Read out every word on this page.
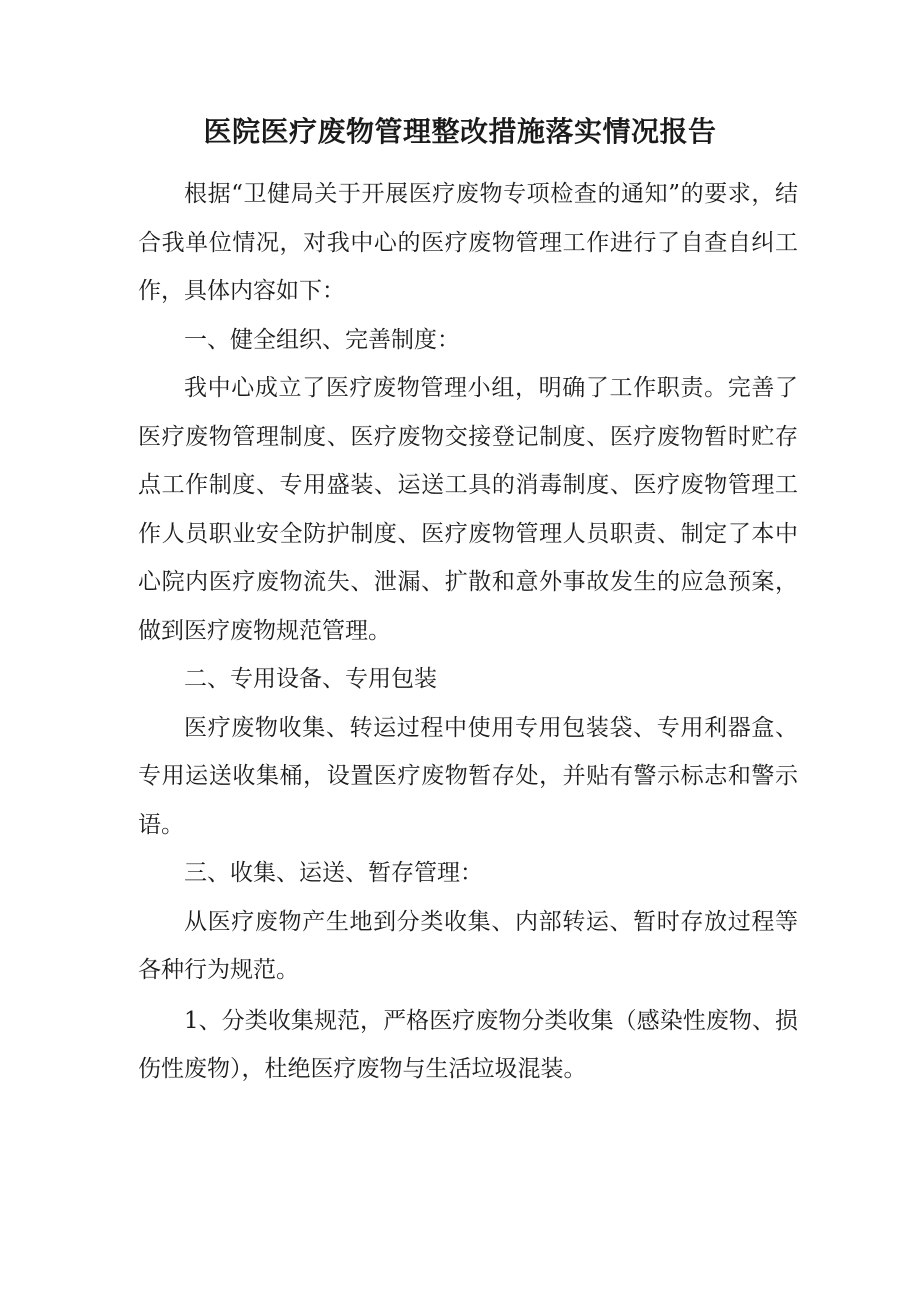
医院医疗废物管理整改措施落实情况报告

根据“卫健局关于开展医疗废物专项检查的通知”的要求，结合我单位情况，对我中心的医疗废物管理工作进行了自查自纠工作，具体内容如下：

一、健全组织、完善制度：

我中心成立了医疗废物管理小组，明确了工作职责。完善了医疗废物管理制度、医疗废物交接登记制度、医疗废物暂时贮存点工作制度、专用盛装、运送工具的消毒制度、医疗废物管理工作人员职业安全防护制度、医疗废物管理人员职责、制定了本中心院内医疗废物流失、泄漏、扩散和意外事故发生的应急预案，做到医疗废物规范管理。

二、专用设备、专用包装

医疗废物收集、转运过程中使用专用包装袋、专用利器盒、专用运送收集桶，设置医疗废物暂存处，并贴有警示标志和警示语。

三、收集、运送、暂存管理：

从医疗废物产生地到分类收集、内部转运、暂时存放过程等各种行为规范。

1、分类收集规范，严格医疗废物分类收集（感染性废物、损伤性废物），杜绝医疗废物与生活垃圾混装。
